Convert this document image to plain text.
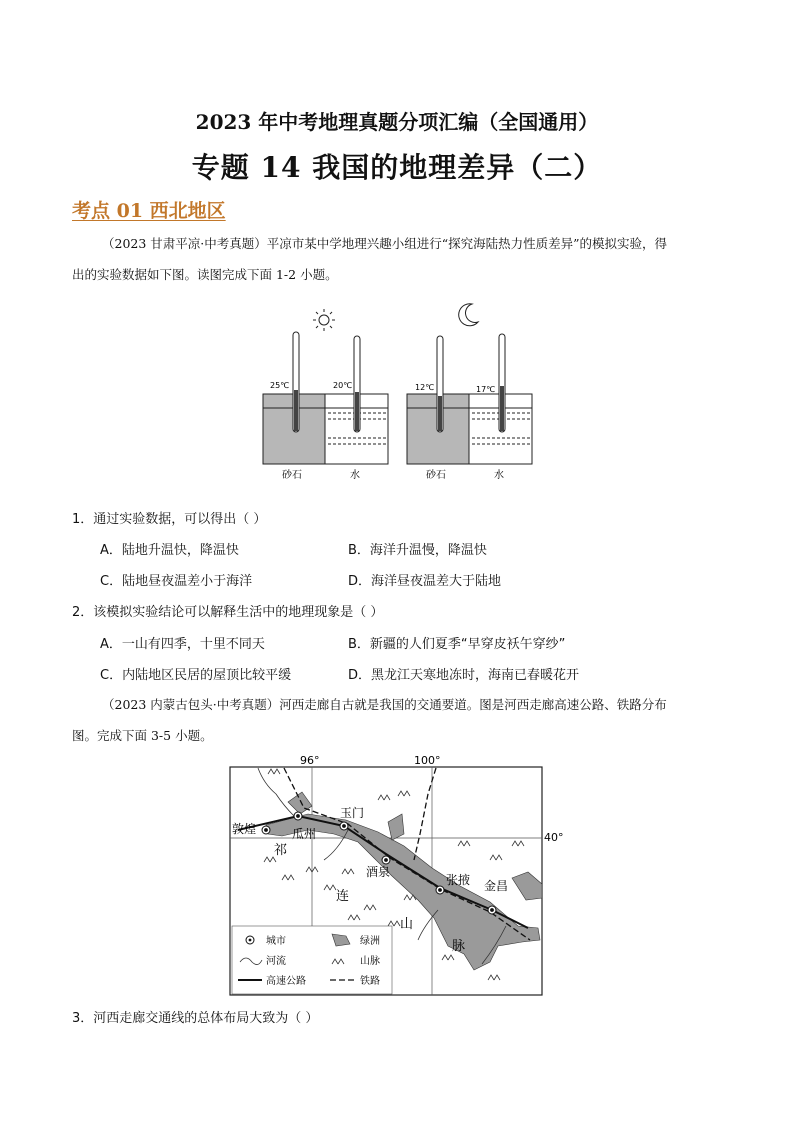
2023 年中考地理真题分项汇编（全国通用）
专题 14 我国的地理差异（二）
考点 01 西北地区
（2023 甘肃平凉·中考真题）平凉市某中学地理兴趣小组进行“探究海陆热力性质差异”的模拟实验，得
出的实验数据如下图。读图完成下面 1-2 小题。
25℃	20℃	12℃	17℃
砂石	水	砂石	水
1．通过实验数据，可以得出（ ）
A．陆地升温快，降温快	B．海洋升温慢，降温快
C．陆地昼夜温差小于海洋	D．海洋昼夜温差大于陆地
2．该模拟实验结论可以解释生活中的地理现象是（ ）
A．一山有四季，十里不同天	B．新疆的人们夏季“早穿皮袄午穿纱”
C．内陆地区民居的屋顶比较平缓	D．黑龙江天寒地冻时，海南已春暖花开
（2023 内蒙古包头·中考真题）河西走廊自古就是我国的交通要道。图是河西走廊高速公路、铁路分布
图。完成下面 3-5 小题。
96°	100°
40°
敦煌	瓜州
玉门
酒泉
张掖 金昌
祁
连
山
脉
城市	绿洲
河流	山脉
高速公路	铁路
3．河西走廊交通线的总体布局大致为（ ）
